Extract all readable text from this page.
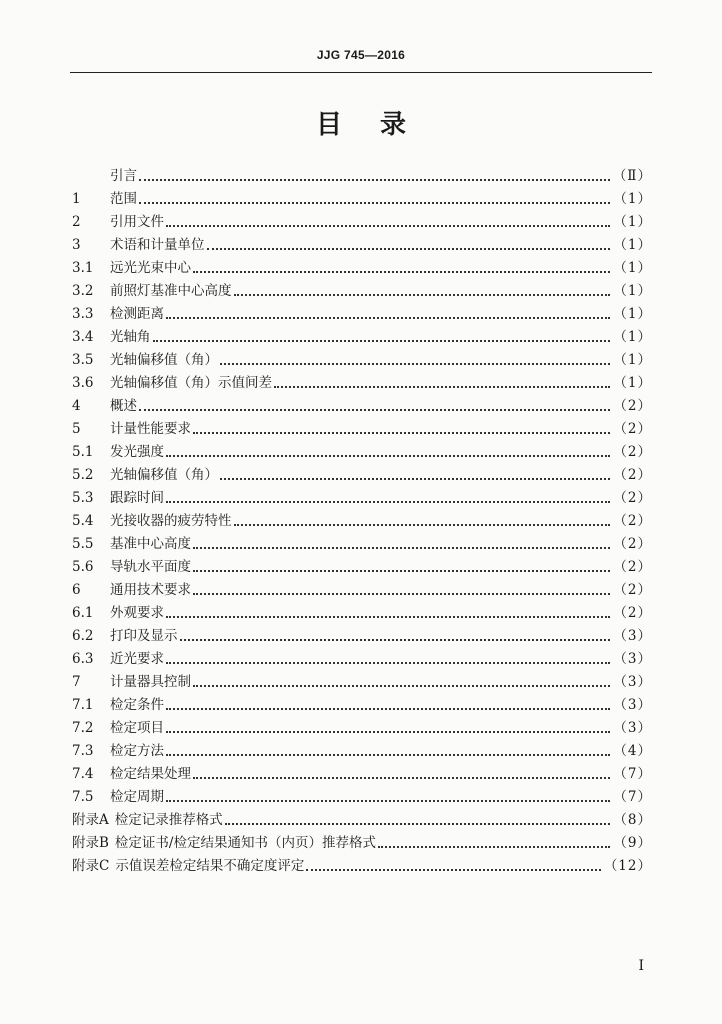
JJG 745—2016
目录
引言	（Ⅱ）
1	范围	（1）
2	引用文件	（1）
3	术语和计量单位	（1）
3.1	远光光束中心	（1）
3.2	前照灯基准中心高度	（1）
3.3	检测距离	（1）
3.4	光轴角	（1）
3.5	光轴偏移值（角）	（1）
3.6	光轴偏移值（角）示值间差	（1）
4	概述	（2）
5	计量性能要求	（2）
5.1	发光强度	（2）
5.2	光轴偏移值（角）	（2）
5.3	跟踪时间	（2）
5.4	光接收器的疲劳特性	（2）
5.5	基准中心高度	（2）
5.6	导轨水平面度	（2）
6	通用技术要求	（2）
6.1	外观要求	（2）
6.2	打印及显示	（3）
6.3	近光要求	（3）
7	计量器具控制	（3）
7.1	检定条件	（3）
7.2	检定项目	（3）
7.3	检定方法	（4）
7.4	检定结果处理	（7）
7.5	检定周期	（7）
附录A 检定记录推荐格式	（8）
附录B 检定证书/检定结果通知书（内页）推荐格式	（9）
附录C 示值误差检定结果不确定度评定	（12）
I
